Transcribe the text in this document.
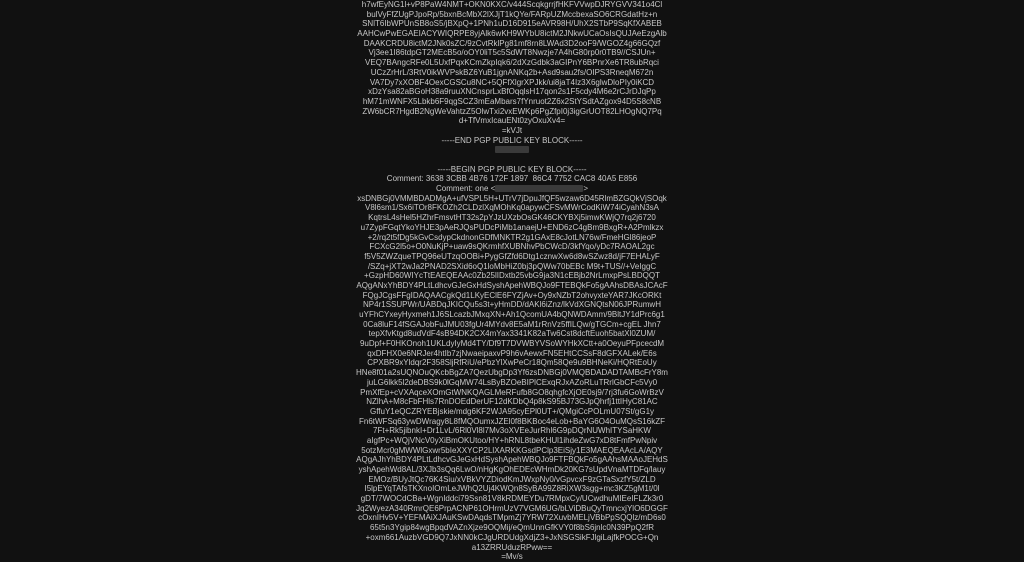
h7wfEyNG1l+vP8PaW4NMT+OKN0KXC/v444ScqkgrrjfHKFVVwpDJRYGVV341o4Cl
bulVyFfZUgPJpoRp/5bxnBcMbX2lXJjT1kQYe/FARpUZMccbexaSO6CRGdatHz+n
SNlT6IbWPUnSB8oS5/jBXpQ+1PNh1uD16D915eAVR98H/UhX2STbP9SqKfXABEB
AAHCwPwEGAEIACYWIQRPE8yjAlk6wKH9WYbU8ictM2JNkwUCaOsIsQUJAeEzgAlb
DAAKCRDU8ictM2JNk0sZC/9zCvtRklPg81mf8rn8LWAd3D2ooF9/WGOZ4g66GQzf
Vj3ee1I86tdpGT2MEcB5o/oOY0liT5c5SdWT8Nwzje7A4hG80rp0r0TB9//CSJUn+
VEQ7BAngcRFe0L5UxfPqxKCmZkpIqk6/2dXzGdbk3aGIPnY6BPnrXe6TR8ubRqci
UCzZrHrL/3RtV0ikWVPskBZ6YuB1jgnANKq2b+Asd9sau2fs/OIPS3RneqM672n
VA7Dy7xXOBF4OexCGSCu8NC+5QFfXlgrXPJkk/ui8jaT4Iz3X6glwDloPIy0iKCD
xDzYsa82aBGoH38a9ruuXNCnsprLxBfOqqlsH17qon2s1F5cdy4M6e2rCJrDJqPp
hM71mWNFX5Lbkb6F9qgSCZ3mEaMbars7fYnruot2Z6x2StYSdtAZgox94D5S8cNB
ZW6bCR7HgdB2NgWeVahtzZ5OlwTxi2vxEWKp6PgZfpI0j3igGrUOT82LHOgNQ7Pq
d+TfVmxIcauENt0zyOxuXv4=
=kVJt
-----END PGP PUBLIC KEY BLOCK-----

-----BEGIN PGP PUBLIC KEY BLOCK-----
Comment: 3638 3CBB 4B76 172F 1897  86C4 7752 CAC8 40A5 E856
Comment: one <	>
xsDNBGj0VMMBDADMgA+ufVSPL5H+UTrV7jDpuJfQF5wzaw6D45RlmBZGQkVjSOqk
V8l6sm1/Sx6iTOr8FKOZh2CLDzlXqMOhKq0apywCFSvMWrCodKiW74iCyahN3sA
KqtrsL4sHel5HZhrFmsvtHT32s2pYJzUXzbOsGK46CKYBXj5imwKWjQ7rq2j6720
u7ZypFGqtYkoYHJE3pAeRJQsPUDcPiMb1anaejU+END6zC4gBm9BxgR+A2Pmlkzx
+2/rq2t5fDg5kGvCsdypCkdnonGDfMNKTR2g1GAxE8cJotLN76w/FmeHGl86jeoP
FCXcG2l5o+O0NuKjP+uaw9sQKrmhfXUBNhvPbCWcD/3kfYqo/yDc7RAOAL2gc
f5V5ZWZqueTPQ96eUTzqOOBi+PygGfZfd6Dtg1cznwXw6d8wSZwz8d/jF7EHALyF
/SZq+jXT2wJa2PNAD2SXid6oQ1loMbHiZ0bj3pQWw70bEBc M9t+TUS//+VeIggC
+GzpHD60WIYcTtEAEQEAAc0Zb25lIDxtb25vbG9ja3N1cEBjb2NrLmxpPsLBDQQT
AQgANxYhBDY4PLtLdhcvGJeGxHdSyshApehWBQJo9FTEBQkFo5gAAhsDBAsJCAcF
FQgJCgsFFgIDAQAACgkQd1LKyEClE6FYZjAv+Oy9xNZbT2ohvyxteYAR7JKcORKt
NP4r1SSUPWr/UABDqJKICQu5s3t+yHmDD/dAKl6iZnz/lkVdXGNQtsN06JPRumwH
uYFhCYxeyHyxmeh1J6SLcazbJMxqXN+Ah1QcomUA4bQNWDAmm/9BltJY1dPrc6g1
0Ca8luF14fSGAJobFuJMU03fgUr4MYdv8E5aM1rRnVz5ffILQw/gTGCm+cgEL Jhn7
tepXfvKtgd8udVdF4sB94DK2CX4mYax3341K82aTw6Cst8dcftEuoh5batXl0ZUM/
9uDpf+F0HKOnoh1UKLdyIyMd4TY/Df9T7DVWBYVSoWYHkXCtt+a0OeyuPFpcecdM
qxDFHX0e6NRJer4htIb7zjNwaeipaxvP9h6vAewxFN5EHtCCSsF8dGFXALek/E6s
CPXBR9xYldqr2F358SljRfRiU/ePbzYlXwPeCr18Qm58Qe9u9BHNeKi/HQRtEoUy
HNe8f01a2sUQNOuQKcbBgZA7QezUbgDp3Yf6zsDNBGj0VMQBDADADTAMBcFrY8m
juLG6lkk5l2deDBS9k0lGqMW74LsByBZOeBIPlCExqRJxAZoRLuTRrlGbCFc5Vy0
PmXfEp+cVXAqceXOmGtWNKQAGLMeRFufb8GO8qhgfcXjOE0sj9/7rj3fu6GoWrBzV
NZlhA+M8cFbFHls7RnDOEdDerUF12dKDbQ4p8kS95BJ73GJpQhrfj1ttIHyC81AC
GffuY1eQCZRYEBjskie/mdg6KF2WJA95cyEPl0UT+/QMgiCcPOLmU07St/gG1y
Fn6tWFSq63ywDWragy8L8fMQOumxJZEl0f8BKBoc4eLob+BaYG6O4OuMQsS16kZF
7Ft+Rk5jibnkI+Dr1LvL/6Rl0Vl8l7Mv3oXVEeJurRhl6G9pDQrNUWhITYSaHKW
aIgfPc+WQjVNcV0yXiBmOKUtoo/HY+hRNL8tbeKHUl1ihdeZwG7xD8tFmfPwNpiv
5otzMcr0gMWWlGxwr5bIeXXYCP2LlXARKKGsdPClp3EiSjy1E3MAEQEAAcLA/AQY
AQgAJhYhBDY4PLtLdhcvGJeGxHdSyshApehWBQJo9FTFBQkFo5gAAhsMAAoJEHdS
yshApehWd8AL/3XJb3sQq6LwO/nHgKgOhEDEcWHmDk20KG7sUpdVnaMTDFq/lauy
EMOz/BUyJtQc76K4Siu/xVBkVYZDiodKmJWxpNy0/vGpvcxF9zGTaSxzfY5t/ZLD
I5lpEYqTAfsTKXnoIOmLeJWhQ2Uj4KWQn8SyBA99Z8RiXW3sgg+mc3KZ5gM1t/0l
gDT/7WOCdCBa+WgnIddci79Ssn81V8kRDMEYDu7RMpxCy/UCwdhuMIEeIFLZk3r0
Jq2WyezA340RmrQE6PrpACNP61OHrmUzV7VGM6UG/bLViDBuQyTmncxjYlO6DGGF
cOxnIHv5V+YEFMAiXJAuKSwDAqdsTMpmZj7YRW72XuvbMELjVBbPpSQQlz/mD6s0
65t5n3Ygip84wgBpqdVAZnXjze9OQMij/eQmUnnGfKVY0f8bS6jnlc0N39PpQ2fR
+oxm661AuzbVGD9Q7JxNN0kCJgURDUdgXdjZ3+JxNSGSikFJlgiLajfkPOCG+Qn
a13ZRRUduzRPww==
=Mv/s
